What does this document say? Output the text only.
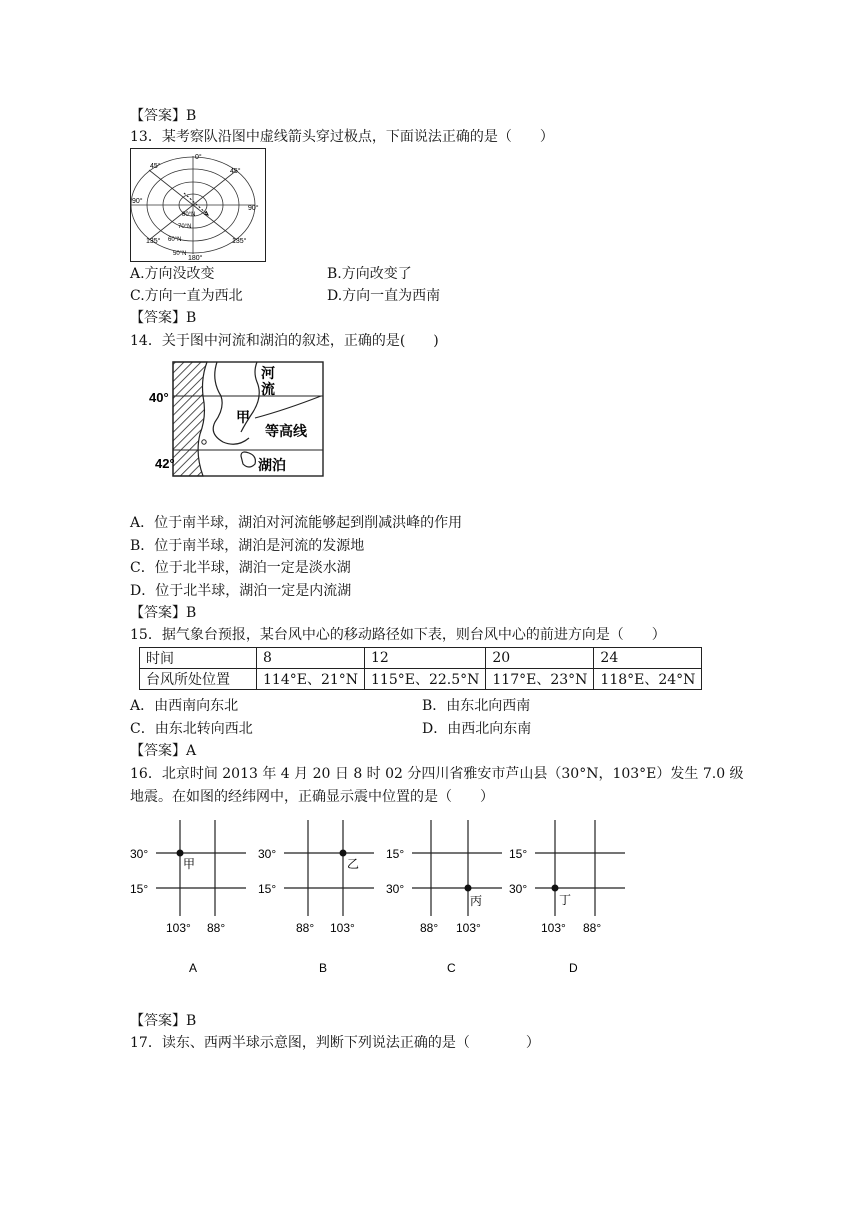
【答案】B
13．某考察队沿图中虚线箭头穿过极点，下面说法正确的是（　　）
0°
45°
45°
90°
90°
135°	135°
180°
80°N
70°N
60°N
50°N
A.方向没改变	B.方向改变了
C.方向一直为西北	D.方向一直为西南
【答案】B
14．关于图中河流和湖泊的叙述，正确的是(　　)
40°
42°
河
流
甲
等高线
湖泊
A．位于南半球，湖泊对河流能够起到削减洪峰的作用
B．位于南半球，湖泊是河流的发源地
C．位于北半球，湖泊一定是淡水湖
D．位于北半球，湖泊一定是内流湖
【答案】B
15．据气象台预报，某台风中心的移动路径如下表，则台风中心的前进方向是（　　）
时间	8	12	20	24
台风所处位置	114°E、21°N	115°E、22.5°N	117°E、23°N	118°E、24°N
A．由西南向东北	B．由东北向西南
C．由东北转向西北	D．由西北向东南
【答案】A
16．北京时间 2013 年 4 月 20 日 8 时 02 分四川省雅安市芦山县（30°N，103°E）发生 7.0 级
地震。在如图的经纬网中，正确显示震中位置的是（　　）
30°
15°
103° 88°
甲
A
30°
15°
88° 103°
乙
B
15°
30°
88° 103°
丙
C
15°
30°
103° 88°
丁
D
【答案】B
17．读东、西两半球示意图，判断下列说法正确的是（　　　　）
